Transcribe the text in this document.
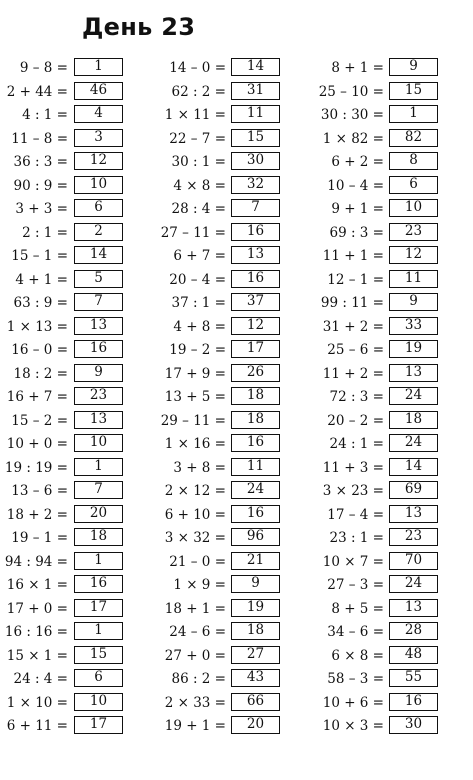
День 23
9 – 8 =	1
2 + 44 =	46
4 : 1 =	4
11 – 8 =	3
36 : 3 =	12
90 : 9 =	10
3 + 3 =	6
2 : 1 =	2
15 – 1 =	14
4 + 1 =	5
63 : 9 =	7
1 × 13 =	13
16 – 0 =	16
18 : 2 =	9
16 + 7 =	23
15 – 2 =	13
10 + 0 =	10
19 : 19 =	1
13 – 6 =	7
18 + 2 =	20
19 – 1 =	18
94 : 94 =	1
16 × 1 =	16
17 + 0 =	17
16 : 16 =	1
15 × 1 =	15
24 : 4 =	6
1 × 10 =	10
6 + 11 =	17
14 – 0 =	14
62 : 2 =	31
1 × 11 =	11
22 – 7 =	15
30 : 1 =	30
4 × 8 =	32
28 : 4 =	7
27 – 11 =	16
6 + 7 =	13
20 – 4 =	16
37 : 1 =	37
4 + 8 =	12
19 – 2 =	17
17 + 9 =	26
13 + 5 =	18
29 – 11 =	18
1 × 16 =	16
3 + 8 =	11
2 × 12 =	24
6 + 10 =	16
3 × 32 =	96
21 – 0 =	21
1 × 9 =	9
18 + 1 =	19
24 – 6 =	18
27 + 0 =	27
86 : 2 =	43
2 × 33 =	66
19 + 1 =	20
8 + 1 =	9
25 – 10 =	15
30 : 30 =	1
1 × 82 =	82
6 + 2 =	8
10 – 4 =	6
9 + 1 =	10
69 : 3 =	23
11 + 1 =	12
12 – 1 =	11
99 : 11 =	9
31 + 2 =	33
25 – 6 =	19
11 + 2 =	13
72 : 3 =	24
20 – 2 =	18
24 : 1 =	24
11 + 3 =	14
3 × 23 =	69
17 – 4 =	13
23 : 1 =	23
10 × 7 =	70
27 – 3 =	24
8 + 5 =	13
34 – 6 =	28
6 × 8 =	48
58 – 3 =	55
10 + 6 =	16
10 × 3 =	30
